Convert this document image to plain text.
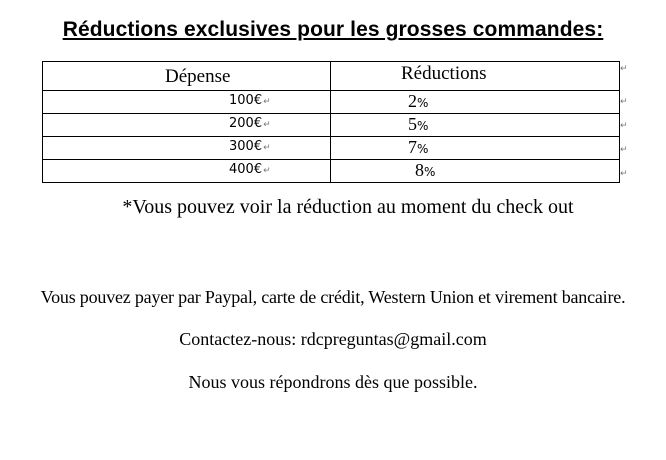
Réductions exclusives pour les grosses commandes:
Dépense	Réductions

100€↵	2%

200€↵	5%

300€↵	7%

400€↵	8%
↵
↵
↵
↵
↵
*Vous pouvez voir la réduction au moment du check out
Vous pouvez payer par Paypal, carte de crédit, Western Union et virement bancaire.
Contactez-nous: rdcpreguntas@gmail.com
Nous vous répondrons dès que possible.
